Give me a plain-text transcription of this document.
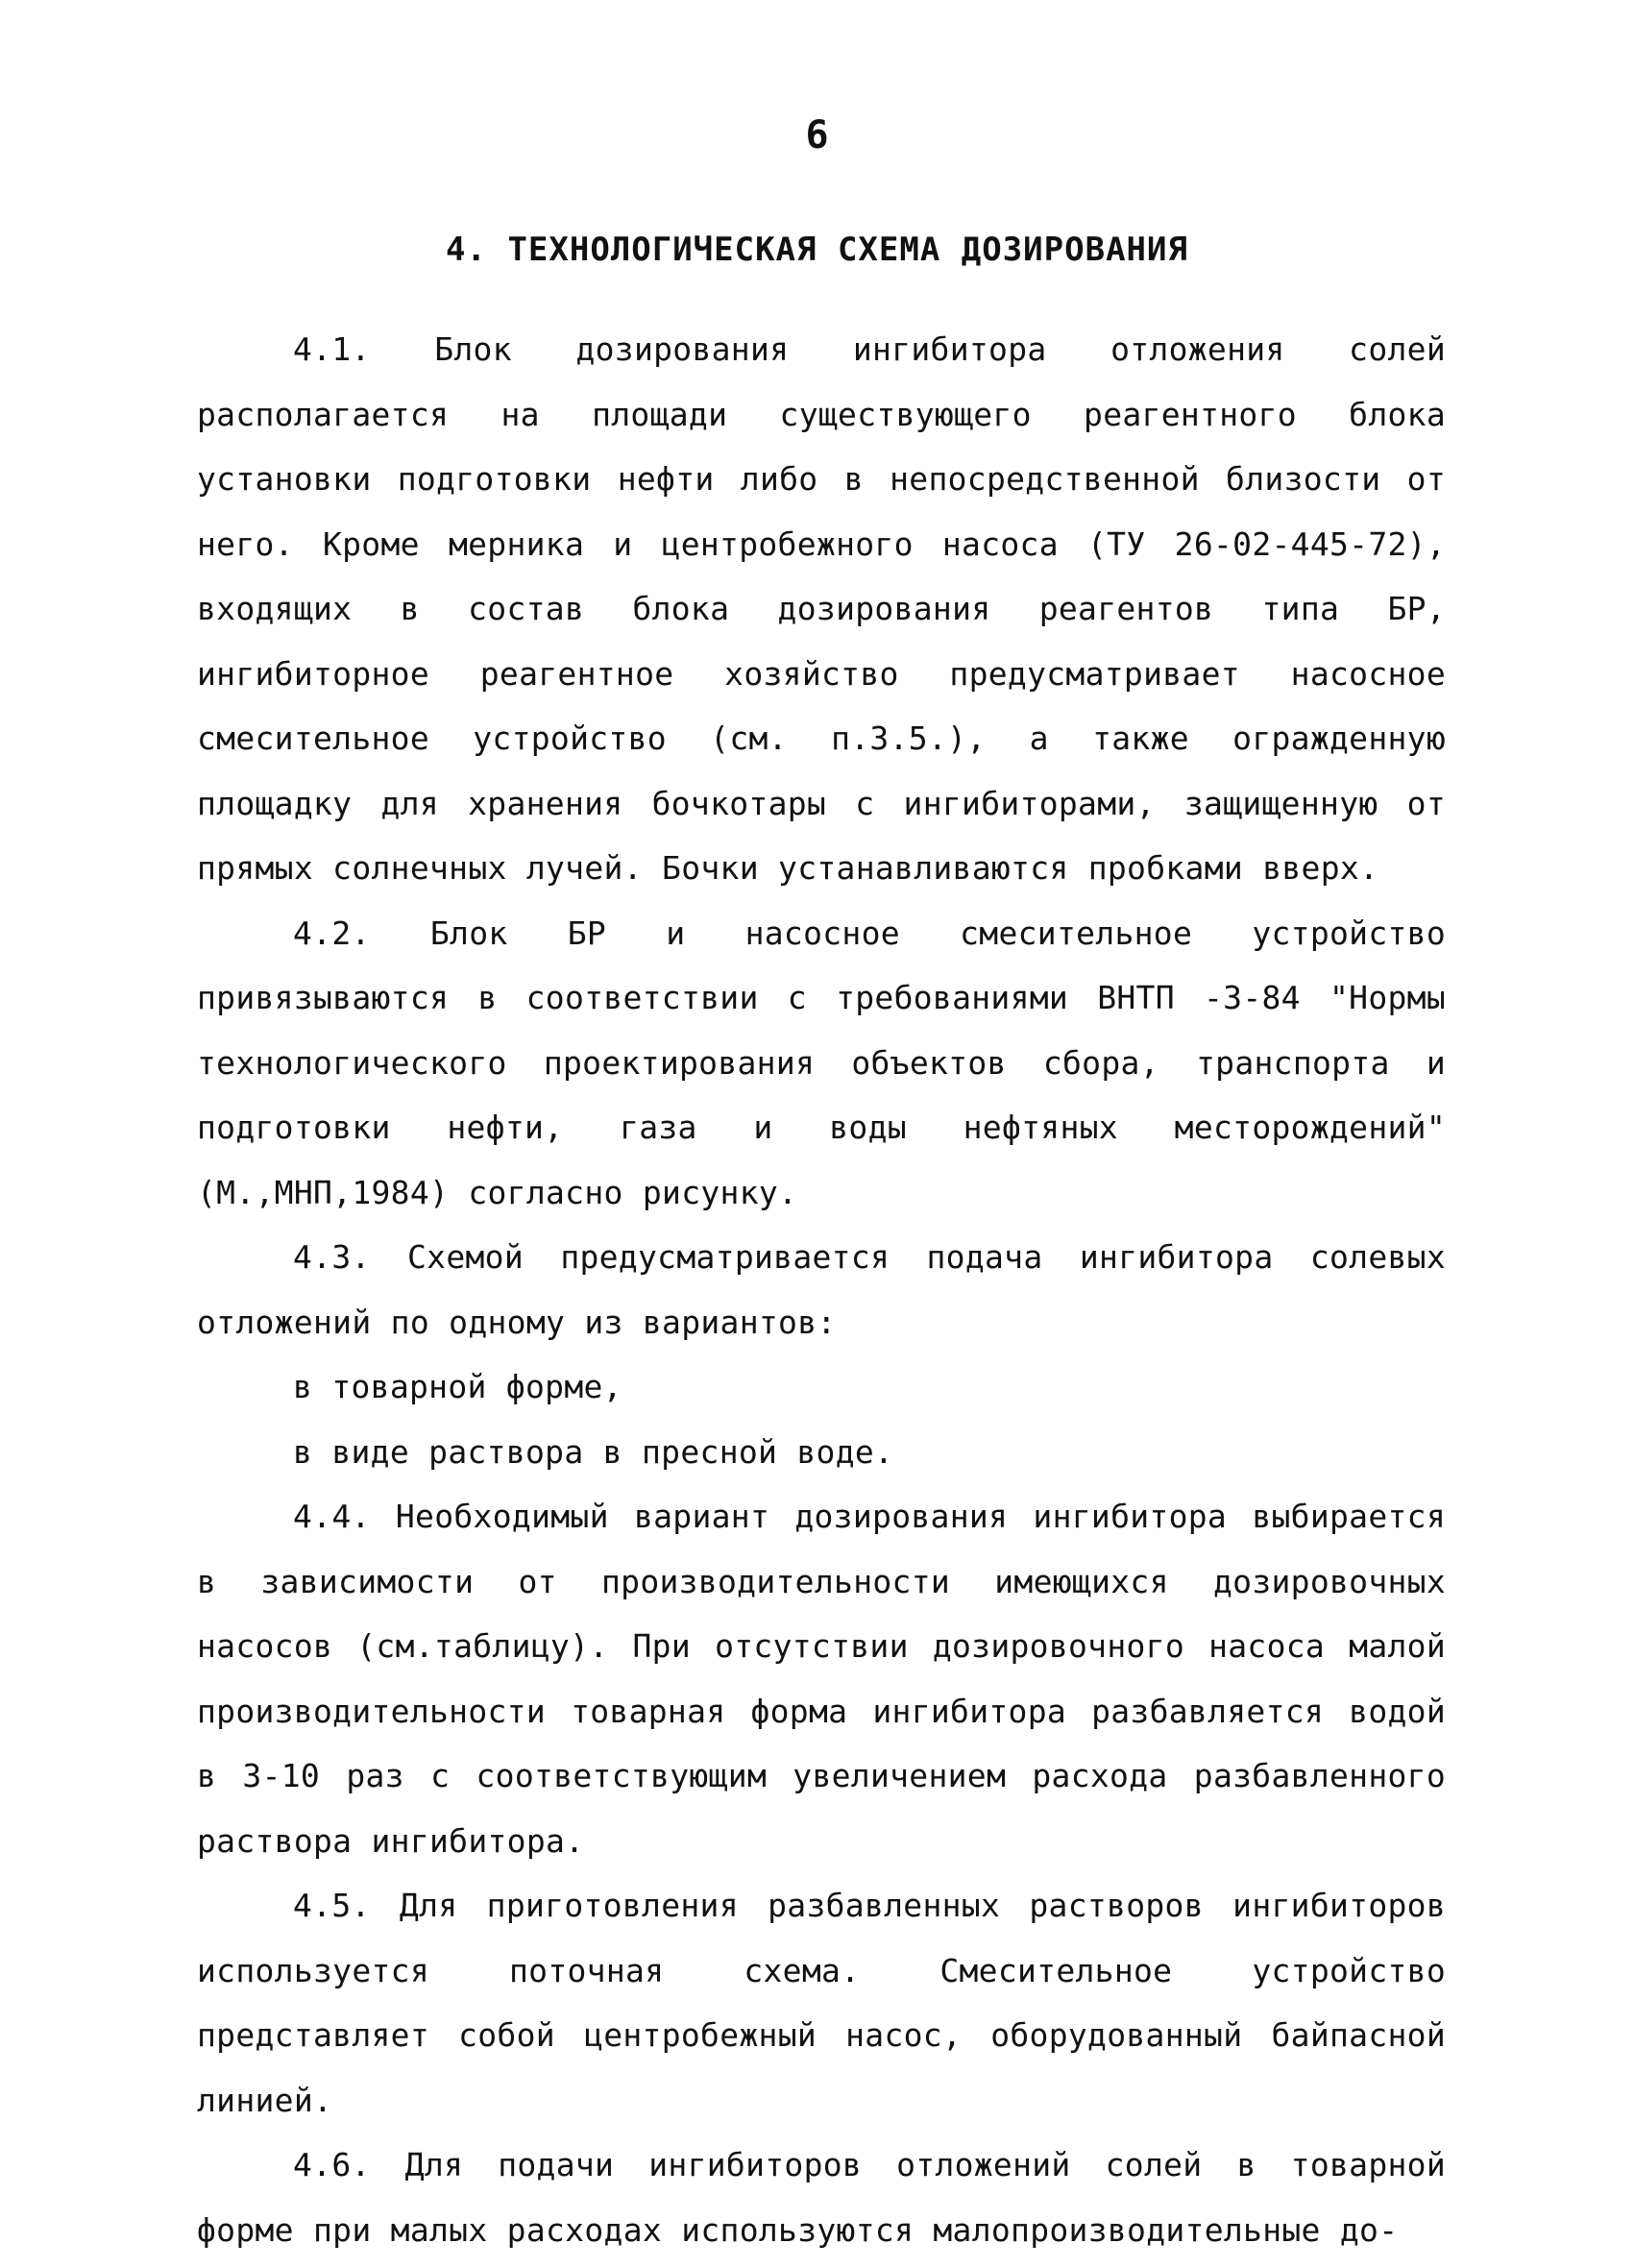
6
4. ТЕХНОЛОГИЧЕСКАЯ СХЕМА ДОЗИРОВАНИЯ

4.1. Блок дозирования ингибитора отложения солей располагается на площади существующего реагентного блока установки подготовки нефти либо в непосредственной близости от него. Кроме мерника и центробежного насоса (ТУ 26-02-445-72), входящих в состав блока дозирования реагентов типа БР, ингибиторное реагентное хозяйство предусматривает насосное смесительное устройство (см. п.3.5.), а также огражденную площадку для хранения бочкотары с ингибиторами, защищенную от прямых солнечных лучей. Бочки устанавливаются пробками вверх.

4.2. Блок БР и насосное смесительное устройство привязываются в соответствии с требованиями ВНТП -3-84 "Нормы технологического проектирования объектов сбора, транспорта и подготовки нефти, газа и воды нефтяных месторождений"(М.,МНП,1984) согласно рисунку.

4.3. Схемой предусматривается подача ингибитора солевых отложений по одному из вариантов:

в товарной форме,

в виде раствора в пресной воде.

4.4. Необходимый вариант дозирования ингибитора выбирается в зависимости от производительности имеющихся дозировочных насосов (см.таблицу). При отсутствии дозировочного насоса малой производительности товарная форма ингибитора разбавляется водой в 3-10 раз с соответствующим увеличением расхода разбавленного раствора ингибитора.

4.5. Для приготовления разбавленных растворов ингибиторов используется поточная схема. Смесительное устройство представляет собой центробежный насос, оборудованный байпасной линией.

4.6. Для подачи ингибиторов отложений солей в товарной форме при малых расходах используются малопроизводительные до-
